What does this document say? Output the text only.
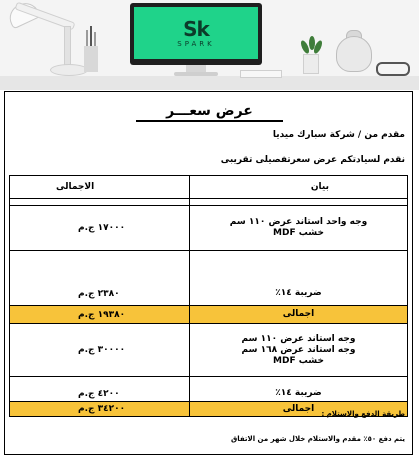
Sk
SPARK
عرض سعـــر
مقدم من / شركة سبارك ميديا
نقدم لسيادتكم عرض سعرتفصيلى تقريبى
الاجمالى	بيان

١٧٠٠٠ ج.م	وجه واحد استاند عرض ١١٠ سم
خشب MDF

٢٣٨٠ ج.م	ضريبة ١٤٪
١٩٣٨٠ ج.م	اجمالى
٣٠٠٠٠ ج.م	وجه استاند عرض ١١٠ سم
وجه استاند عرض ١٦٨ سم
خشب MDF

٤٢٠٠ ج.م	ضريبة ١٤٪
٣٤٢٠٠ ج.م	اجمالى
طريقة الدفع والاستلام :
يتم دفع ٥٠٪ مقدم والاستلام خلال شهر من الاتفاق
